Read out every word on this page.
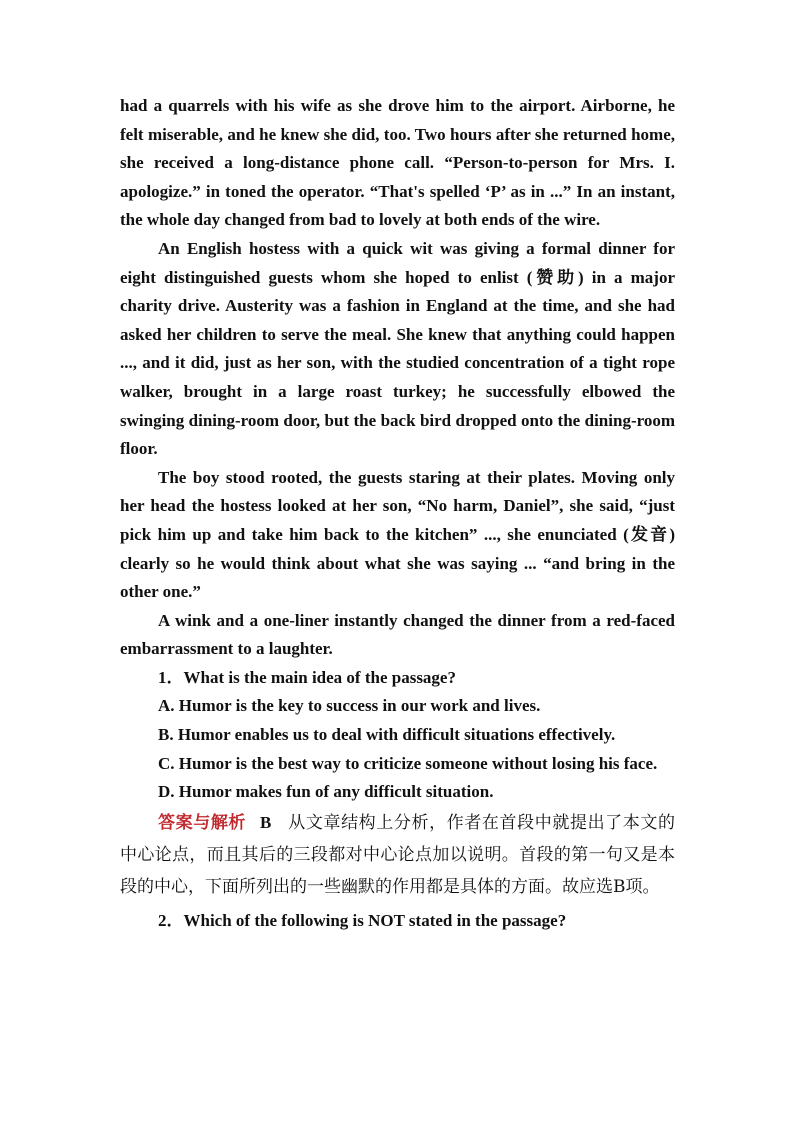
had a quarrels with his wife as she drove him to the airport. Airborne, he felt miserable, and he knew she did, too. Two hours after she returned home, she received a long-distance phone call. “Person-to-person for Mrs. I. apologize.” in toned the operator. “That's spelled ‘P’ as in ...” In an instant, the whole day changed from bad to lovely at both ends of the wire.

An English hostess with a quick wit was giving a formal dinner for eight distinguished guests whom she hoped to enlist (赞助) in a major charity drive. Austerity was a fashion in England at the time, and she had asked her children to serve the meal. She knew that anything could happen ..., and it did, just as her son, with the studied concentration of a tight rope walker, brought in a large roast turkey; he successfully elbowed the swinging dining-room door, but the back bird dropped onto the dining-room floor.

The boy stood rooted, the guests staring at their plates. Moving only her head the hostess looked at her son, “No harm, Daniel”, she said, “just pick him up and take him back to the kitchen” ..., she enunciated (发音) clearly so he would think about what she was saying ... “and bring in the other one.”

A wink and a one-liner instantly changed the dinner from a red-faced embarrassment to a laughter.

1．What is the main idea of the passage?

A. Humor is the key to success in our work and lives.

B. Humor enables us to deal with difficult situations effectively.

C. Humor is the best way to criticize someone without losing his face.

D. Humor makes fun of any difficult situation.

答案与解析 B 从文章结构上分析，作者在首段中就提出了本文的中心论点，而且其后的三段都对中心论点加以说明。首段的第一句又是本段的中心，下面所列出的一些幽默的作用都是具体的方面。故应选B项。

2．Which of the following is NOT stated in the passage?
